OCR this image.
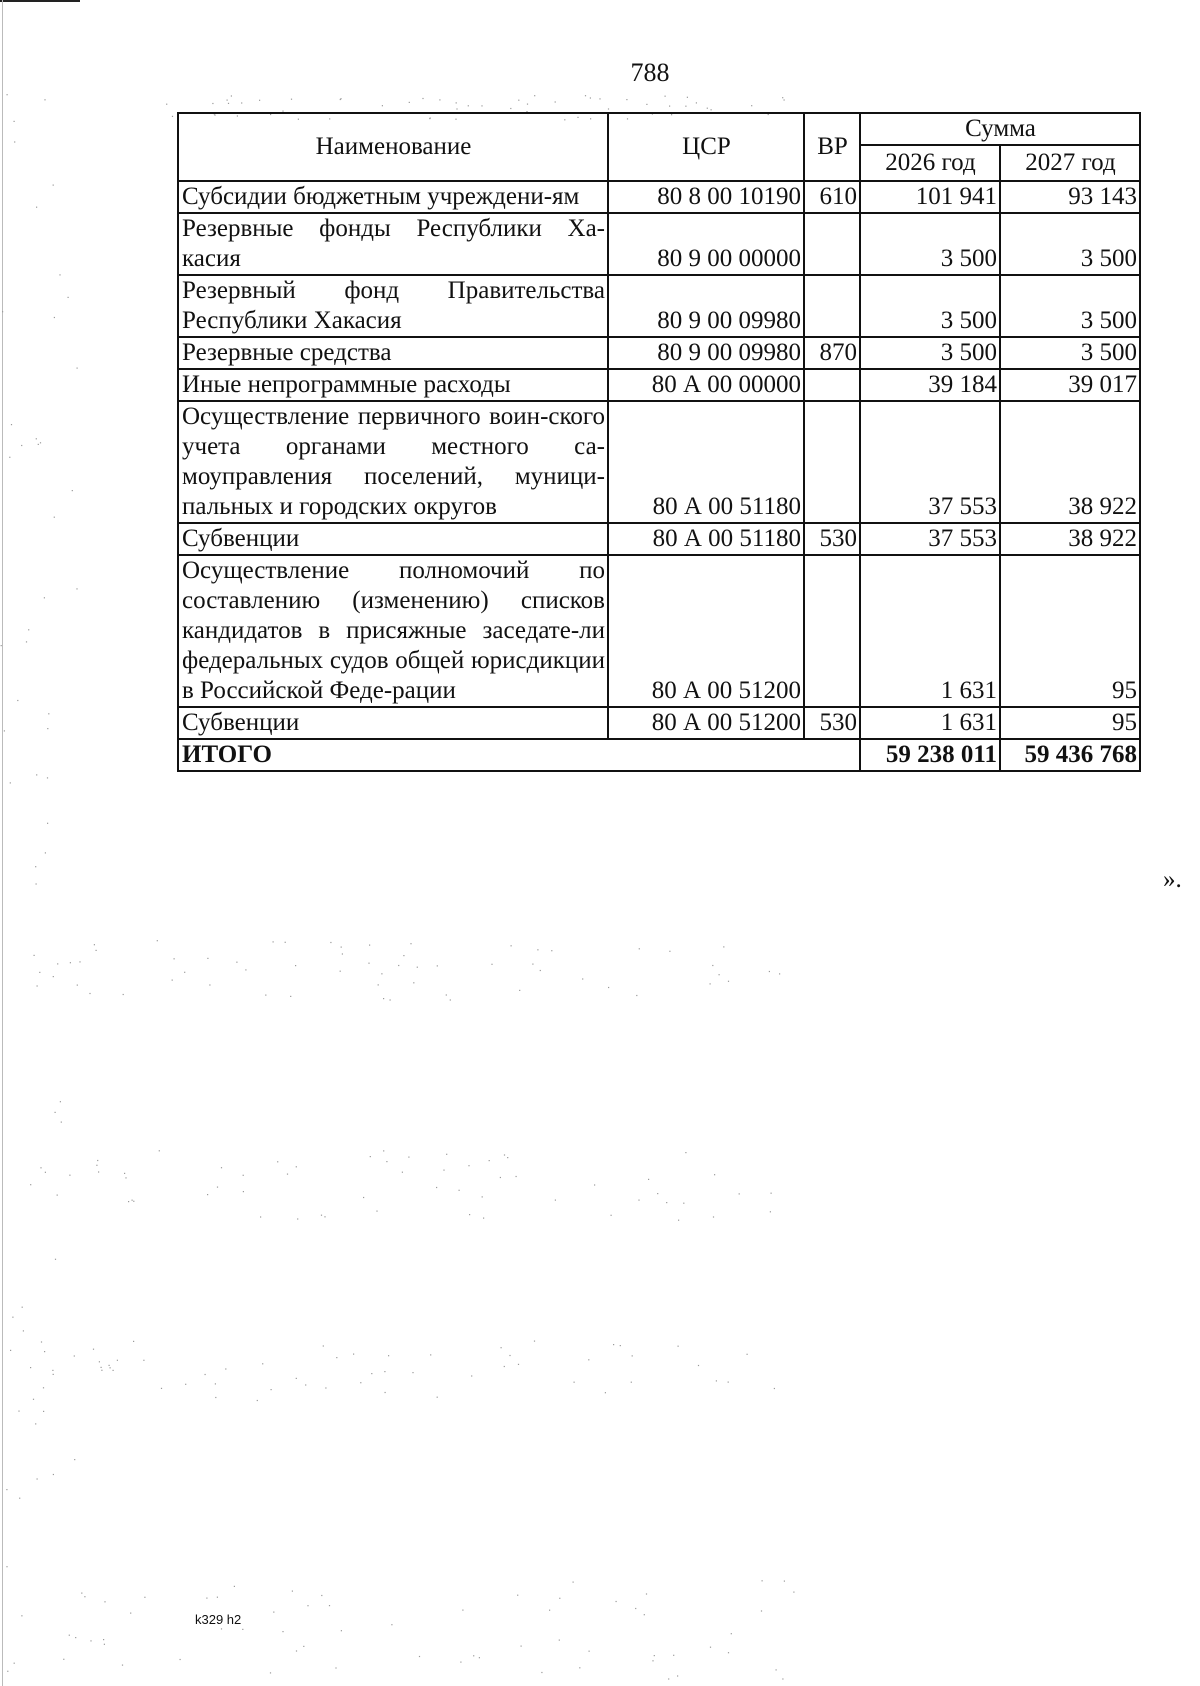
788
Наименование	ЦСР	ВР	Сумма	
			2026 год	2027 год
Субсидии бюджетным учреждени-ям	80 8 00 10190	610	101 941	93 143
Резервные фонды Республики Ха-касия	80 9 00 00000		3 500	3 500
Резервный фонд Правительства Республики Хакасия	80 9 00 09980		3 500	3 500
Резервные средства	80 9 00 09980	870	3 500	3 500
Иные непрограммные расходы	80 А 00 00000		39 184	39 017
Осуществление первичного воин-ского учета органами местного са-моуправления поселений, муници-пальных и городских округов	80 А 00 51180		37 553	38 922
Субвенции	80 А 00 51180	530	37 553	38 922
Осуществление полномочий по составлению (изменению) списков кандидатов в присяжные заседате-ли федеральных судов общей юрисдикции в Российской Феде-рации	80 А 00 51200		1 631	95
Субвенции	80 А 00 51200	530	1 631	95
ИТОГО			59 238 011	59 436 768
».
k329 h2
